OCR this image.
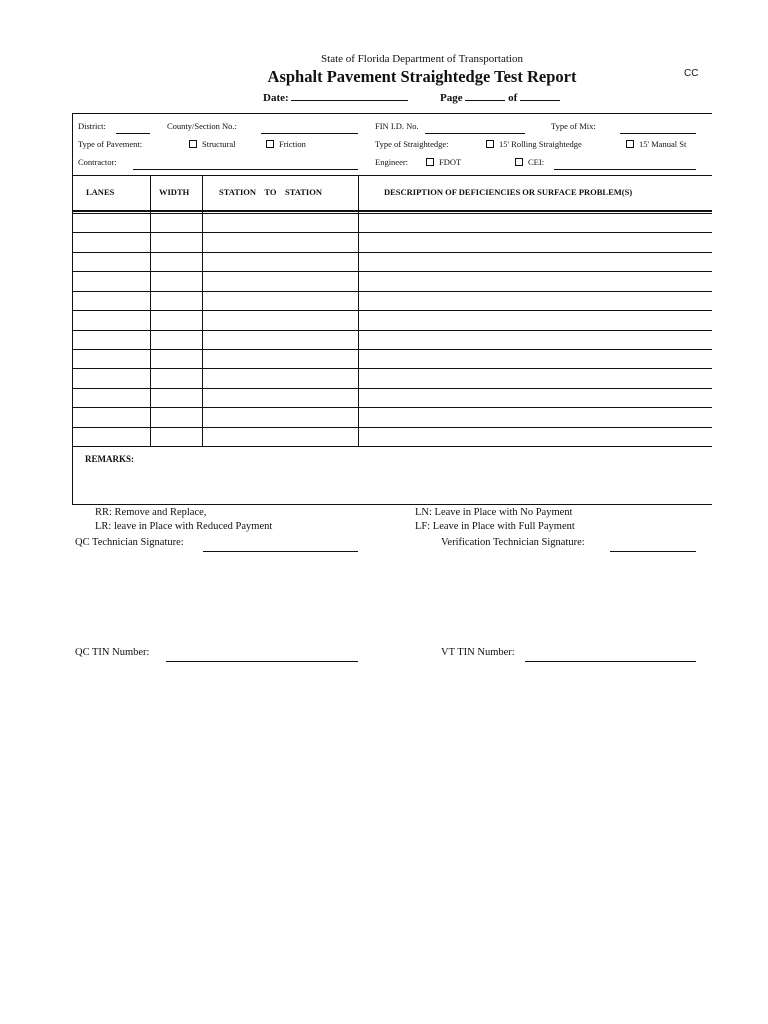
State of Florida Department of Transportation
Asphalt Pavement Straightedge Test Report	CC
Date:	Page	of
District:	County/Section No.:	FIN I.D. No.	Type of Mix:
Type of Pavement:	Structural	Friction	Type of Straightedge:	15' Rolling Straightedge	15' Manual St
Contractor:	Engineer:	FDOT	CEI:
LANES	WIDTH	STATION    TO    STATION	DESCRIPTION OF DEFICIENCIES OR SURFACE PROBLEM(S)
REMARKS:
RR: Remove and Replace,
LR: leave in Place with Reduced Payment
LN: Leave in Place with No Payment
LF: Leave in Place with Full Payment
QC Technician Signature:	Verification Technician Signature:
QC TIN Number:	VT TIN Number:
